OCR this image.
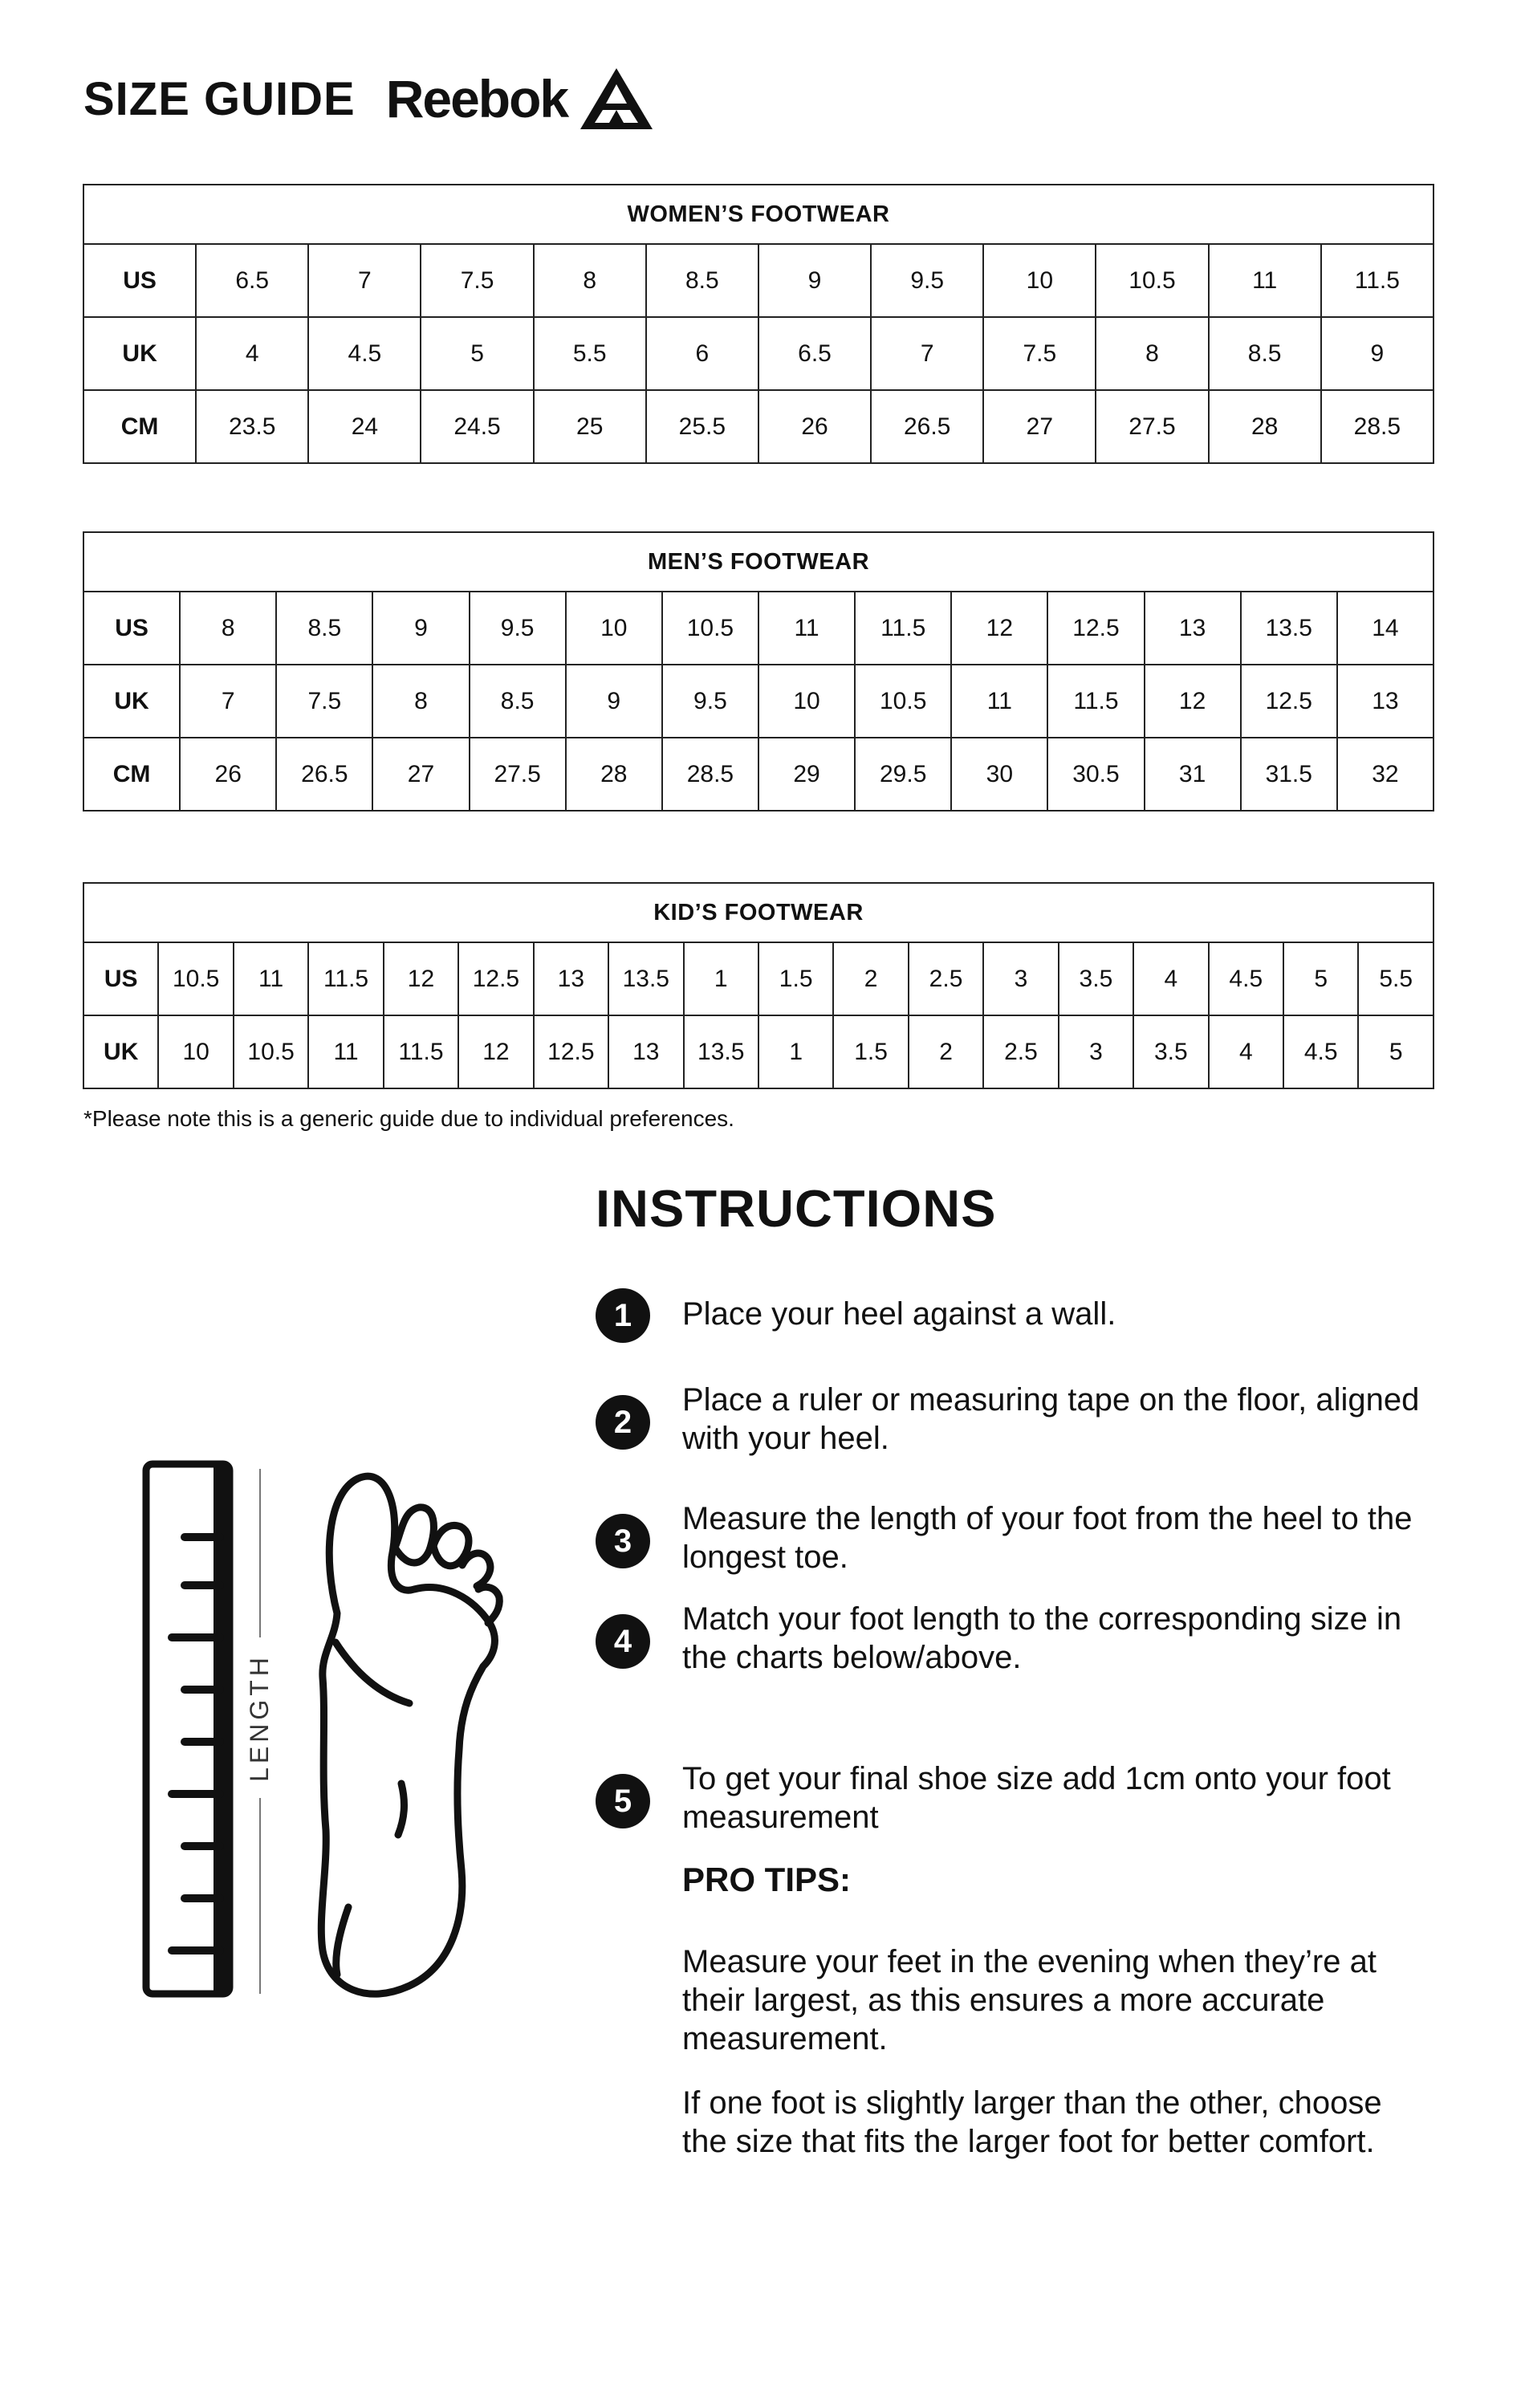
SIZE GUIDE Reebok
WOMEN’S FOOTWEAR											
US	6.5	7	7.5	8	8.5	9	9.5	10	10.5	11	11.5
UK	4	4.5	5	5.5	6	6.5	7	7.5	8	8.5	9
CM	23.5	24	24.5	25	25.5	26	26.5	27	27.5	28	28.5
MEN’S FOOTWEAR													
US	8	8.5	9	9.5	10	10.5	11	11.5	12	12.5	13	13.5	14
UK	7	7.5	8	8.5	9	9.5	10	10.5	11	11.5	12	12.5	13
CM	26	26.5	27	27.5	28	28.5	29	29.5	30	30.5	31	31.5	32
KID’S FOOTWEAR																	
US	10.5	11	11.5	12	12.5	13	13.5	1	1.5	2	2.5	3	3.5	4	4.5	5	5.5
UK	10	10.5	11	11.5	12	12.5	13	13.5	1	1.5	2	2.5	3	3.5	4	4.5	5
*Please note this is a generic guide due to individual preferences.
LENGTH
INSTRUCTIONS
1	Place your heel against a wall.
2
Place a ruler or measuring tape on the floor, aligned with your heel.
3
Measure the length of your foot from the heel to the longest toe.
4
Match your foot length to the corresponding size in the charts below/above.
5
To get your final shoe size add 1cm onto your foot measurement
PRO TIPS:
Measure your feet in the evening when they’re at their largest, as this ensures a more accurate measurement.
If one foot is slightly larger than the other, choose the size that fits the larger foot for better comfort.
